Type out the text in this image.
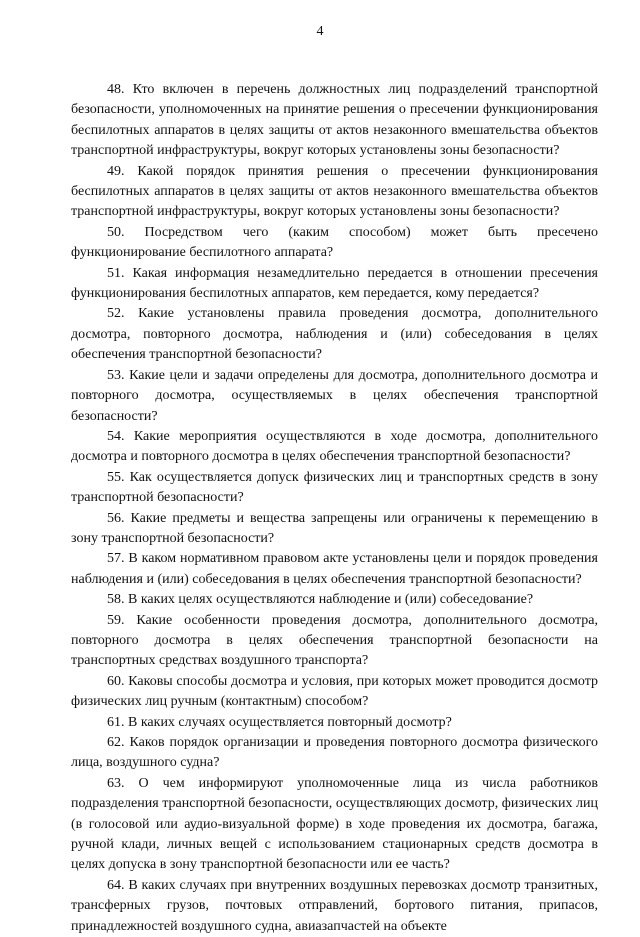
4

48. Кто включен в перечень должностных лиц подразделений транспортной безопасности, уполномоченных на принятие решения о пресечении функционирования беспилотных аппаратов в целях защиты от актов незаконного вмешательства объектов транспортной инфраструктуры, вокруг которых установлены зоны безопасности?

49. Какой порядок принятия решения о пресечении функционирования беспилотных аппаратов в целях защиты от актов незаконного вмешательства объектов транспортной инфраструктуры, вокруг которых установлены зоны безопасности?

50. Посредством чего (каким способом) может быть пресечено функционирование беспилотного аппарата?

51. Какая информация незамедлительно передается в отношении пресечения функционирования беспилотных аппаратов, кем передается, кому передается?

52. Какие установлены правила проведения досмотра, дополнительного досмотра, повторного досмотра, наблюдения и (или) собеседования в целях обеспечения транспортной безопасности?

53. Какие цели и задачи определены для досмотра, дополнительного досмотра и повторного досмотра, осуществляемых в целях обеспечения транспортной безопасности?

54. Какие мероприятия осуществляются в ходе досмотра, дополнительного досмотра и повторного досмотра в целях обеспечения транспортной безопасности?

55. Как осуществляется допуск физических лиц и транспортных средств в зону транспортной безопасности?

56. Какие предметы и вещества запрещены или ограничены к перемещению в зону транспортной безопасности?

57. В каком нормативном правовом акте установлены цели и порядок проведения наблюдения и (или) собеседования в целях обеспечения транспортной безопасности?

58. В каких целях осуществляются наблюдение и (или) собеседование?

59. Какие особенности проведения досмотра, дополнительного досмотра, повторного досмотра в целях обеспечения транспортной безопасности на транспортных средствах воздушного транспорта?

60. Каковы способы досмотра и условия, при которых может проводится досмотр физических лиц ручным (контактным) способом?

61. В каких случаях осуществляется повторный досмотр?

62. Каков порядок организации и проведения повторного досмотра физического лица, воздушного судна?

63. О чем информируют уполномоченные лица из числа работников подразделения транспортной безопасности, осуществляющих досмотр, физических лиц (в голосовой или аудио-визуальной форме) в ходе проведения их досмотра, багажа, ручной клади, личных вещей с использованием стационарных средств досмотра в целях допуска в зону транспортной безопасности или ее часть?

64. В каких случаях при внутренних воздушных перевозках досмотр транзитных, трансферных грузов, почтовых отправлений, бортового питания, припасов, принадлежностей воздушного судна, авиазапчастей на объекте
